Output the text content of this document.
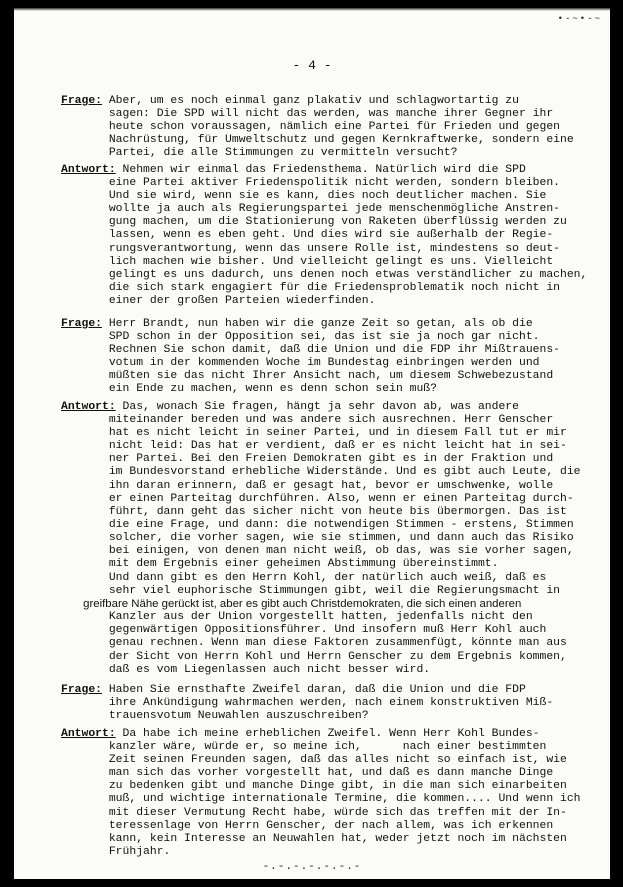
•-~•-~
- 4 -
Frage: Aber, um es noch einmal ganz plakativ und schlagwortartig zu
sagen: Die SPD will nicht das werden, was manche ihrer Gegner ihr
heute schon voraussagen, nämlich eine Partei für Frieden und gegen
Nachrüstung, für Umweltschutz und gegen Kernkraftwerke, sondern eine
Partei, die alle Stimmungen zu vermitteln versucht?
Antwort: Nehmen wir einmal das Friedensthema. Natürlich wird die SPD
eine Partei aktiver Friedenspolitik nicht werden, sondern bleiben.
Und sie wird, wenn sie es kann, dies noch deutlicher machen. Sie
wollte ja auch als Regierungspartei jede menschenmögliche Anstren-
gung machen, um die Stationierung von Raketen überflüssig werden zu
lassen, wenn es eben geht. Und dies wird sie außerhalb der Regie-
rungsverantwortung, wenn das unsere Rolle ist, mindestens so deut-
lich machen wie bisher. Und vielleicht gelingt es uns. Vielleicht
gelingt es uns dadurch, uns denen noch etwas verständlicher zu machen,
die sich stark engagiert für die Friedensproblematik noch nicht in
einer der großen Parteien wiederfinden.
Frage: Herr Brandt, nun haben wir die ganze Zeit so getan, als ob die
SPD schon in der Opposition sei, das ist sie ja noch gar nicht.
Rechnen Sie schon damit, daß die Union und die FDP ihr Mißtrauens-
votum in der kommenden Woche im Bundestag einbringen werden und
müßten sie das nicht Ihrer Ansicht nach, um diesem Schwebezustand
ein Ende zu machen, wenn es denn schon sein muß?
Antwort: Das, wonach Sie fragen, hängt ja sehr davon ab, was andere
miteinander bereden und was andere sich ausrechnen. Herr Genscher
hat es nicht leicht in seiner Partei, und in diesem Fall tut er mir
nicht leid: Das hat er verdient, daß er es nicht leicht hat in sei-
ner Partei. Bei den Freien Demokraten gibt es in der Fraktion und
im Bundesvorstand erhebliche Widerstände. Und es gibt auch Leute, die
ihn daran erinnern, daß er gesagt hat, bevor er umschwenke, wolle
er einen Parteitag durchführen. Also, wenn er einen Parteitag durch-
führt, dann geht das sicher nicht von heute bis übermorgen. Das ist
die eine Frage, und dann: die notwendigen Stimmen - erstens, Stimmen
solcher, die vorher sagen, wie sie stimmen, und dann auch das Risiko
bei einigen, von denen man nicht weiß, ob das, was sie vorher sagen,
mit dem Ergebnis einer geheimen Abstimmung übereinstimmt.
Und dann gibt es den Herrn Kohl, der natürlich auch weiß, daß es
sehr viel euphorische Stimmungen gibt, weil die Regierungsmacht in
greifbare Nähe gerückt ist, aber es gibt auch Christdemokraten, die sich einen anderen
Kanzler aus der Union vorgestellt hatten, jedenfalls nicht den
gegenwärtigen Oppositionsführer. Und insofern muß Herr Kohl auch
genau rechnen. Wenn man diese Faktoren zusammenfügt, könnte man aus
der Sicht von Herrn Kohl und Herrn Genscher zu dem Ergebnis kommen,
daß es vom Liegenlassen auch nicht besser wird.
Frage: Haben Sie ernsthafte Zweifel daran, daß die Union und die FDP
ihre Ankündigung wahrmachen werden, nach einem konstruktiven Miß-
trauensvotum Neuwahlen auszuschreiben?
Antwort: Da habe ich meine erheblichen Zweifel. Wenn Herr Kohl Bundes-
kanzler wäre, würde er, so meine ich,      nach einer bestimmten
Zeit seinen Freunden sagen, daß das alles nicht so einfach ist, wie
man sich das vorher vorgestellt hat, und daß es dann manche Dinge
zu bedenken gibt und manche Dinge gibt, in die man sich einarbeiten
muß, und wichtige internationale Termine, die kommen.... Und wenn ich
mit dieser Vermutung Recht habe, würde sich das treffen mit der In-
teressenlage von Herrn Genscher, der nach allem, was ich erkennen
kann, kein Interesse an Neuwahlen hat, weder jetzt noch im nächsten
Frühjahr.
-.-.-.-.-.-.-
